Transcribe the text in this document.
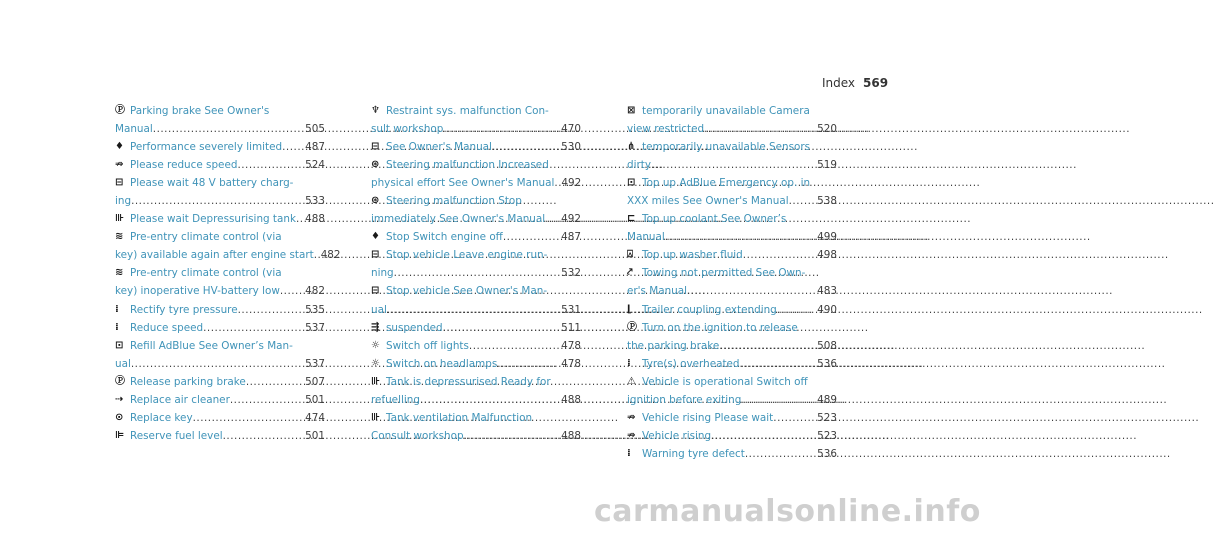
Index 569
Ⓟ Parking brake See Owner's
Manual .....	505
♦ Performance severely limited ..... 487
⇏ Please reduce speed .....	524
⊟ Please wait 48 V battery charg-
ing .....	533
⊪ Please wait Depressurising tank ..... 488
≋ Pre-entry climate control (via
key) available again after engine start ..... 482
≋ Pre-entry climate control (via
key) inoperative HV-battery low ..... 482
⁞	Rectify tyre pressure .....	535
⁞	Reduce speed .....	537
⊡ Refill AdBlue See Owner’s Man-
ual .....	537
Ⓟ Release parking brake .....	507
⇢ Replace air cleaner .....	501
⊙ Replace key .....	474
⊫ Reserve fuel level .....	501
♆ Restraint sys. malfunction Con-
sult workshop .....	470
⊟ See Owner's Manual .....	530
⊛ Steering malfunction Increased
physical effort See Owner's Manual ..... 492
⊛ Steering malfunction Stop
immediately See Owner's Manual ..... 492
♦ Stop Switch engine off .....	487
⊟ Stop vehicle Leave engine run-
ning .....	532
⊟ Stop vehicle See Owner's Man-
ual .....	531
⇶ suspended .....	511
☼ Switch off lights .....	478
☼ Switch on headlamps .....	478
⊪ Tank is depressurised Ready for
refuelling .....	488
⊪ Tank ventilation Malfunction
Consult workshop .....	488
⊠ temporarily unavailable Camera
view restricted .....	520
⋔ temporarily unavailable Sensors
dirty .....	519
⊡ Top up AdBlue Emergency op. in
XXX miles See Owner's Manual .....	538
⊏ Top up coolant See Owner’s
Manual .....	499
⍓ Top up washer fluid .....	498
⤤ Towing not permitted See Own-
er's Manual .....	483
⌊	Trailer coupling extending .....	490
Ⓟ Turn on the ignition to release
the parking brake .....	508
⁞	Tyre(s) overheated .....	536
⚠ Vehicle is operational Switch off
ignition before exiting .....	489
⇏ Vehicle rising Please wait .....	523
⇏ Vehicle rising .....	523
⁞	Warning tyre defect .....	536
carmanualsonline.info
